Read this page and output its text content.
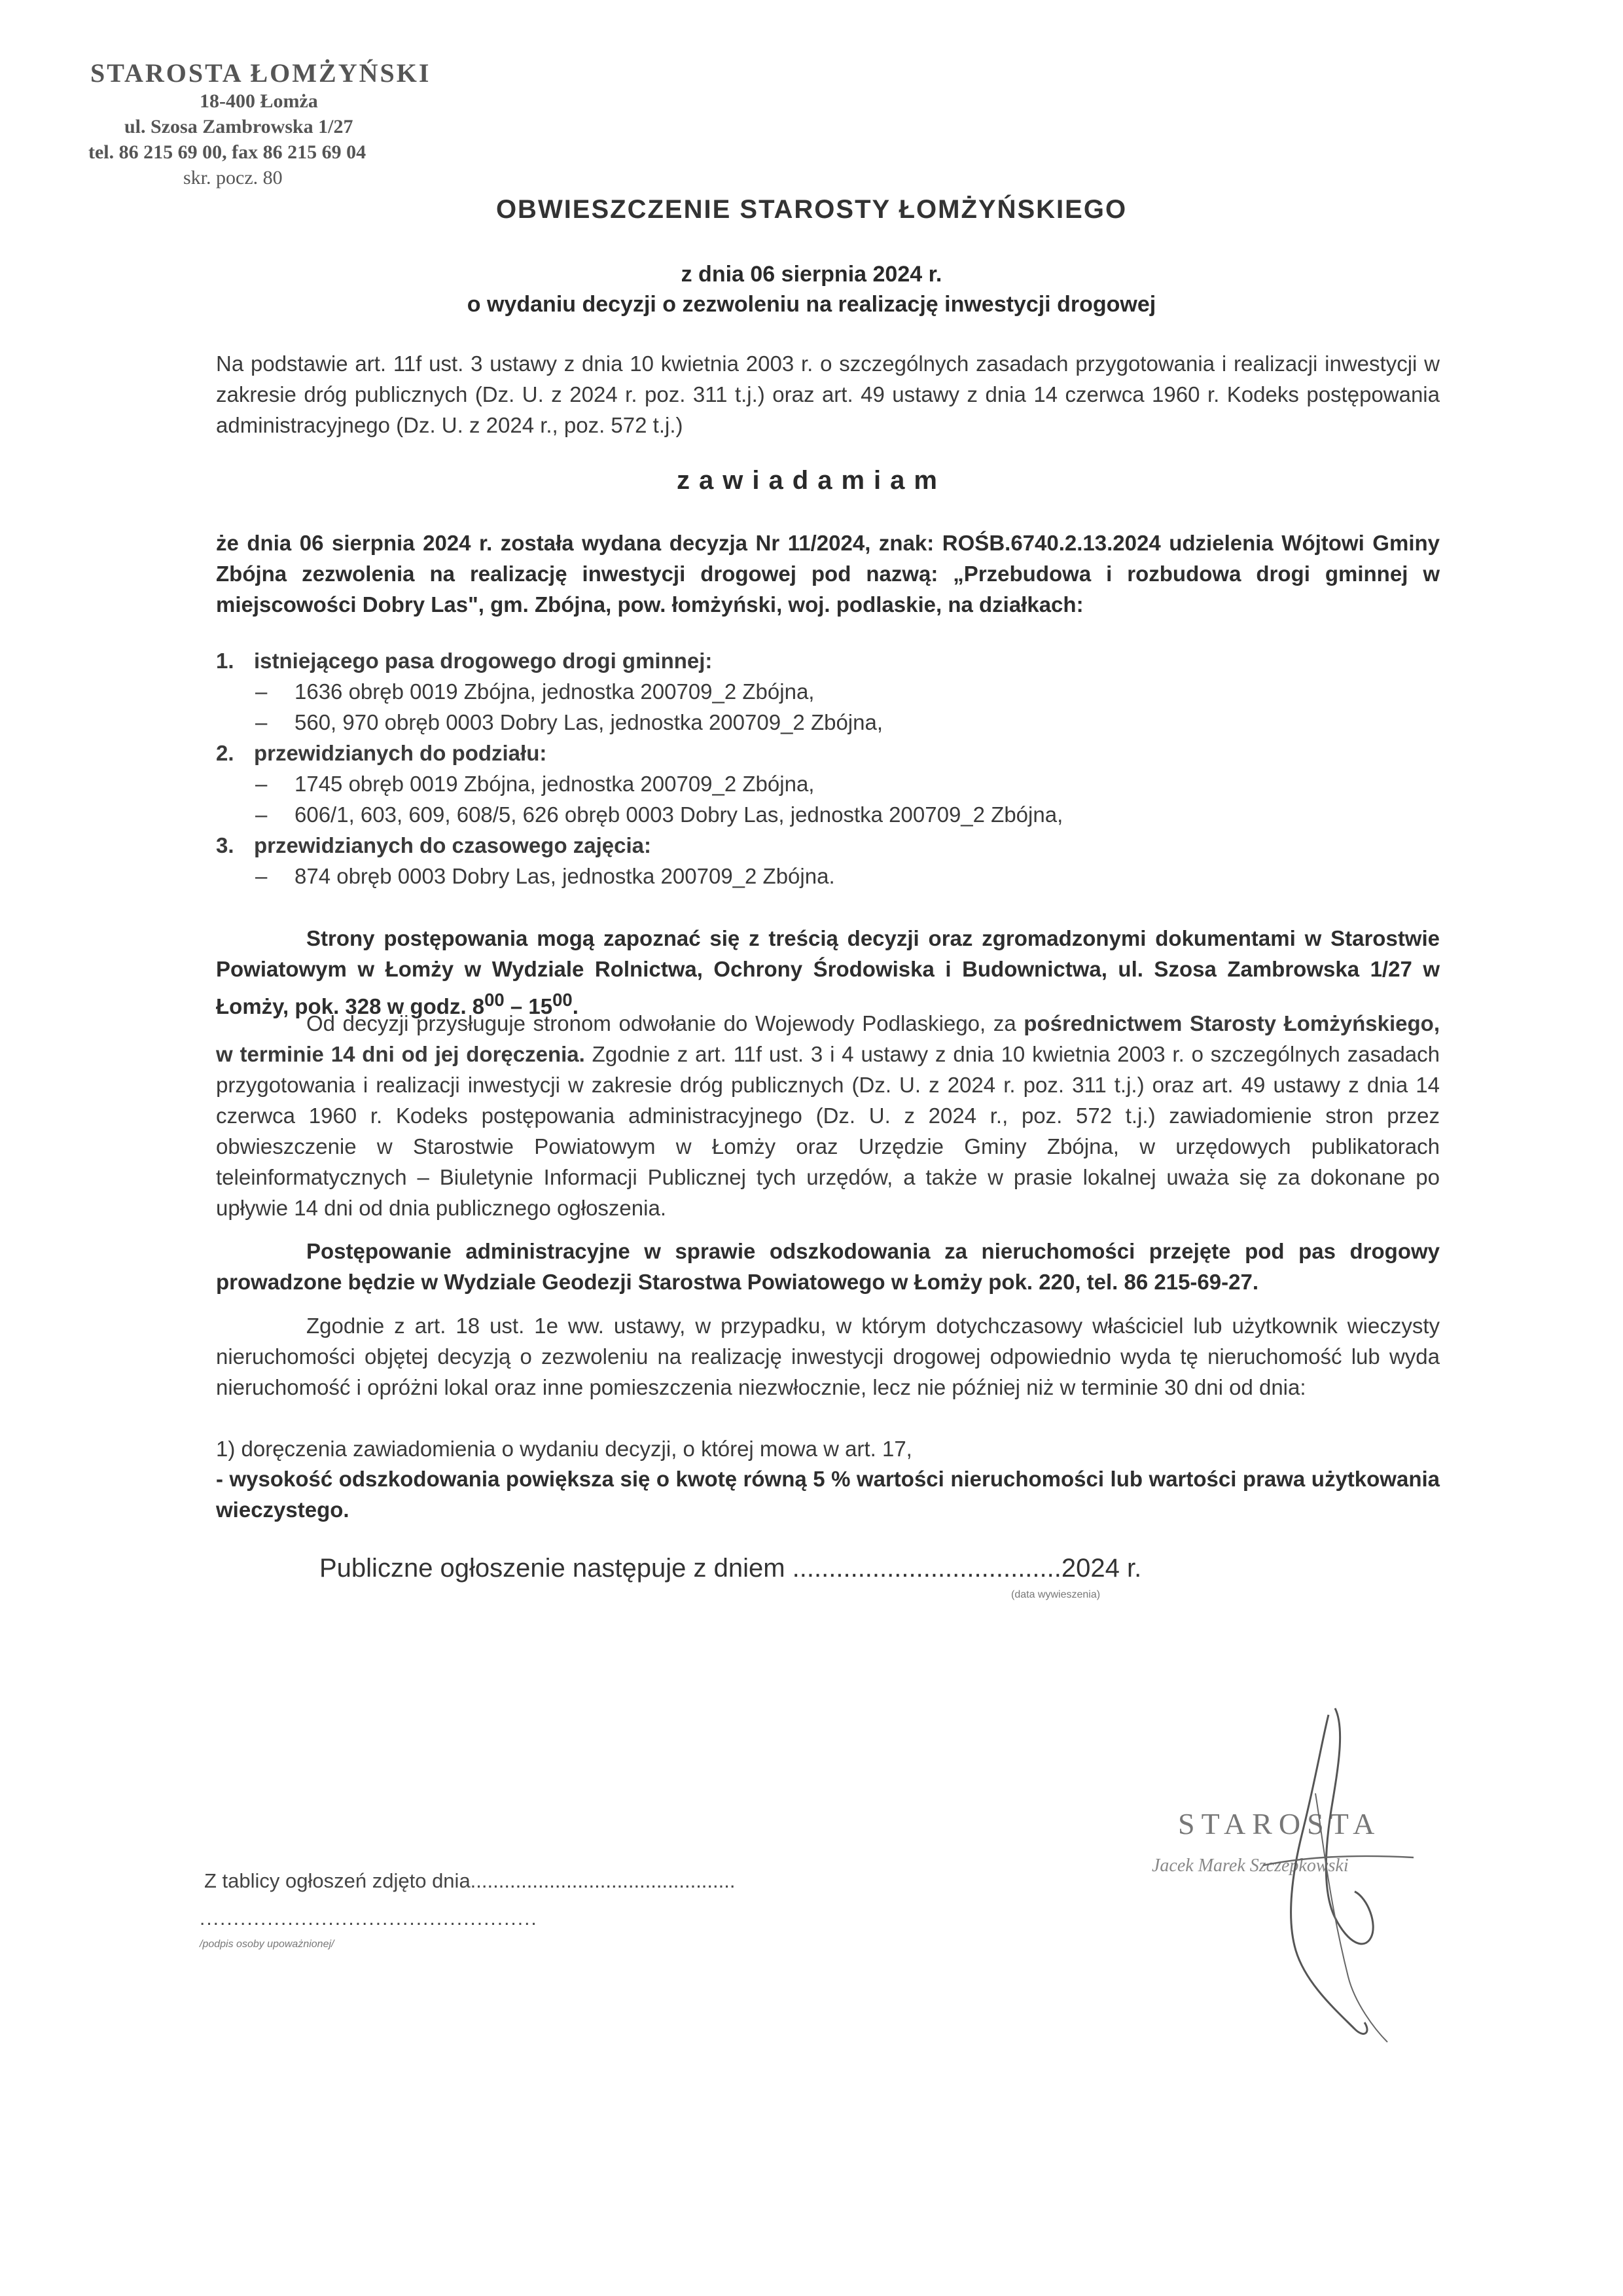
STAROSTA ŁOMŻYŃSKI
18-400 Łomża
ul. Szosa Zambrowska 1/27
tel. 86 215 69 00, fax 86 215 69 04
skr. pocz. 80
OBWIESZCZENIE STAROSTY ŁOMŻYŃSKIEGO
z dnia 06 sierpnia 2024 r.
o wydaniu decyzji o zezwoleniu na realizację inwestycji drogowej
Na podstawie art. 11f ust. 3 ustawy z dnia 10 kwietnia 2003 r. o szczególnych zasadach przygotowania i realizacji inwestycji w zakresie dróg publicznych (Dz. U. z 2024 r. poz. 311 t.j.) oraz art. 49 ustawy z dnia 14 czerwca 1960 r. Kodeks postępowania administracyjnego (Dz. U. z 2024 r., poz. 572 t.j.)
zawiadamiam
że dnia 06 sierpnia 2024 r. została wydana decyzja Nr 11/2024, znak: ROŚB.6740.2.13.2024 udzielenia Wójtowi Gminy Zbójna zezwolenia na realizację inwestycji drogowej pod nazwą: „Przebudowa i rozbudowa drogi gminnej w miejscowości Dobry Las", gm. Zbójna, pow. łomżyński, woj. podlaskie, na działkach:
1. istniejącego pasa drogowego drogi gminnej:
– 1636 obręb 0019 Zbójna, jednostka 200709_2 Zbójna,
– 560, 970 obręb 0003 Dobry Las, jednostka 200709_2 Zbójna,
2. przewidzianych do podziału:
– 1745 obręb 0019 Zbójna, jednostka 200709_2 Zbójna,
– 606/1, 603, 609, 608/5, 626 obręb 0003 Dobry Las, jednostka 200709_2 Zbójna,
3. przewidzianych do czasowego zajęcia:
– 874 obręb 0003 Dobry Las, jednostka 200709_2 Zbójna.
Strony postępowania mogą zapoznać się z treścią decyzji oraz zgromadzonymi dokumentami w Starostwie Powiatowym w Łomży w Wydziale Rolnictwa, Ochrony Środowiska i Budownictwa, ul. Szosa Zambrowska 1/27 w Łomży, pok. 328 w godz. $8^{00} - 15^{00}$.
Od decyzji przysługuje stronom odwołanie do Wojewody Podlaskiego, za pośrednictwem Starosty Łomżyńskiego, w terminie 14 dni od jej doręczenia. Zgodnie z art. 11f ust. 3 i 4 ustawy z dnia 10 kwietnia 2003 r. o szczególnych zasadach przygotowania i realizacji inwestycji w zakresie dróg publicznych (Dz. U. z 2024 r. poz. 311 t.j.) oraz art. 49 ustawy z dnia 14 czerwca 1960 r. Kodeks postępowania administracyjnego (Dz. U. z 2024 r., poz. 572 t.j.) zawiadomienie stron przez obwieszczenie w Starostwie Powiatowym w Łomży oraz Urzędzie Gminy Zbójna, w urzędowych publikatorach teleinformatycznych – Biuletynie Informacji Publicznej tych urzędów, a także w prasie lokalnej uważa się za dokonane po upływie 14 dni od dnia publicznego ogłoszenia.
Postępowanie administracyjne w sprawie odszkodowania za nieruchomości przejęte pod pas drogowy prowadzone będzie w Wydziale Geodezji Starostwa Powiatowego w Łomży pok. 220, tel. 86 215-69-27.
Zgodnie z art. 18 ust. 1e ww. ustawy, w przypadku, w którym dotychczasowy właściciel lub użytkownik wieczysty nieruchomości objętej decyzją o zezwoleniu na realizację inwestycji drogowej odpowiednio wyda tę nieruchomość lub wyda nieruchomość i opróżni lokal oraz inne pomieszczenia niezwłocznie, lecz nie później niż w terminie 30 dni od dnia:
1) doręczenia zawiadomienia o wydaniu decyzji, o której mowa w art. 17,
- wysokość odszkodowania powiększa się o kwotę równą 5 % wartości nieruchomości lub wartości prawa użytkowania wieczystego.
Publiczne ogłoszenie następuje z dniem .....................................2024 r.
(data wywieszenia)
Z tablicy ogłoszeń zdjęto dnia...............................................
..................................................
/podpis osoby upoważnionej/
STAROSTA
Jacek Marek Szczepkowski
